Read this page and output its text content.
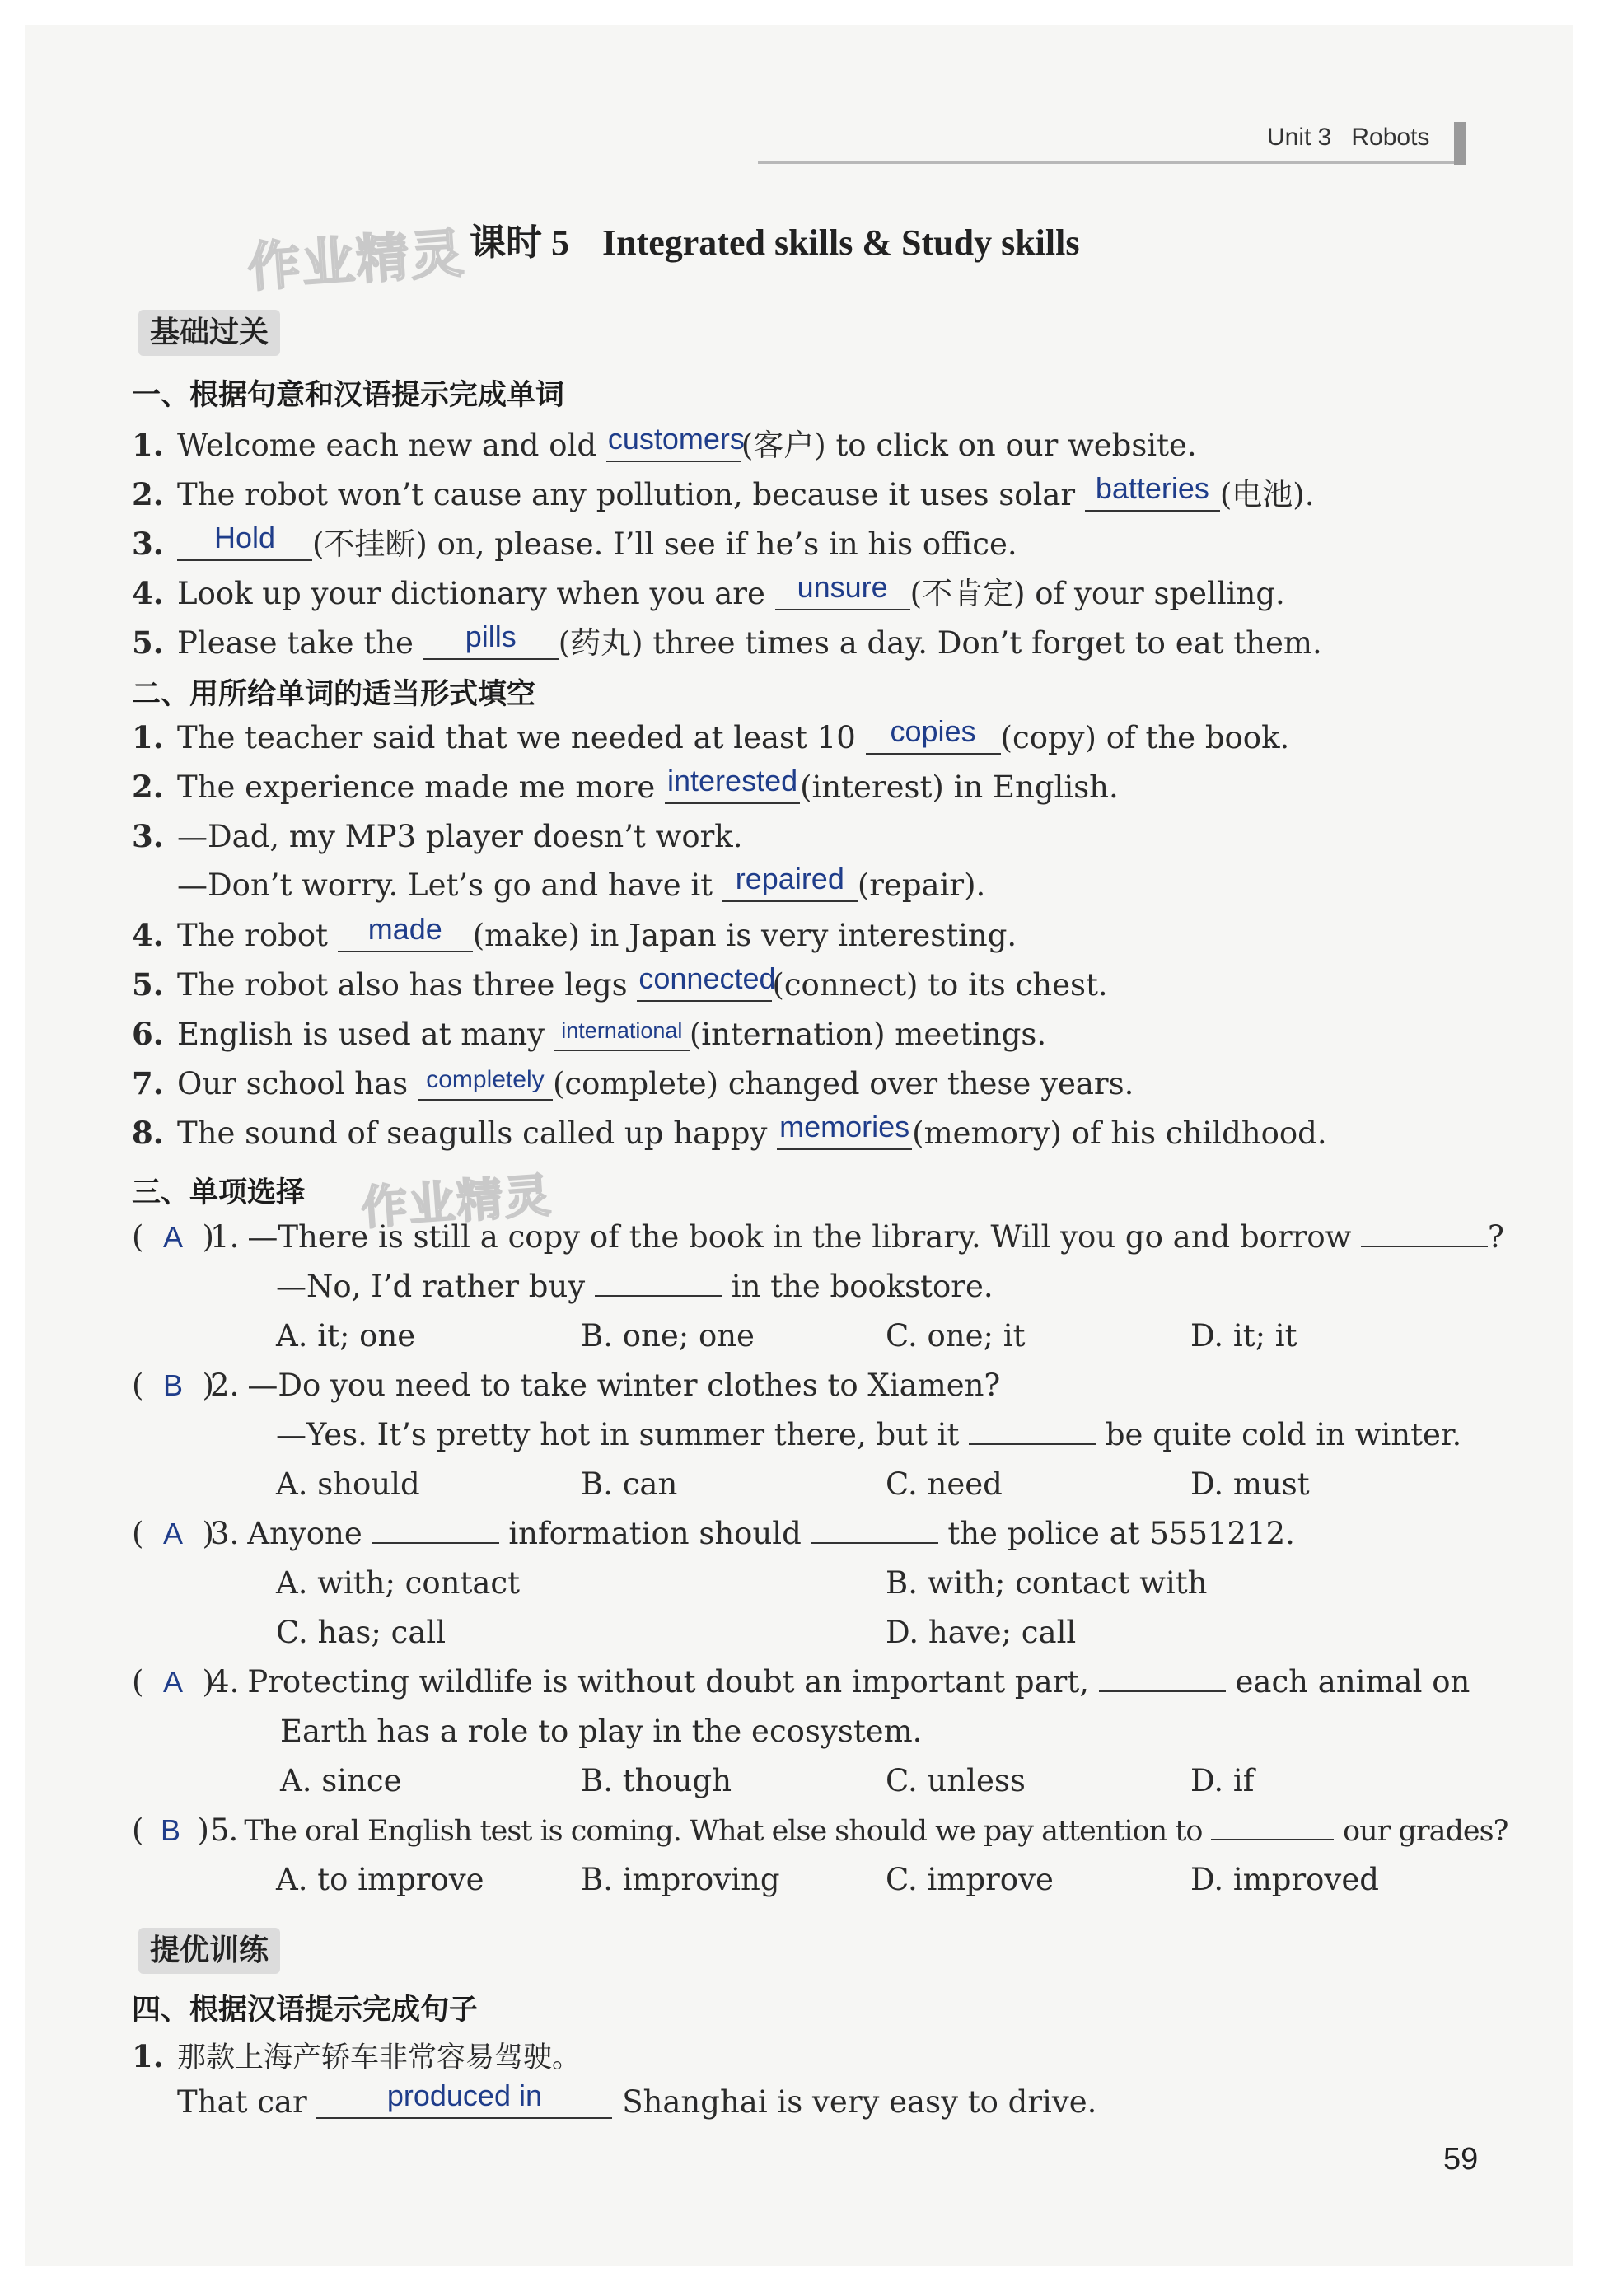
Unit 3 Robots
作业精灵
作业精灵
课时 5 Integrated skills & Study skills
基础过关
一、根据句意和汉语提示完成单词
1. Welcome each new and old customers(客户) to click on our website.
2. The robot won’t cause any pollution, because it uses solar batteries (电池).
3. Hold (不挂断) on, please. I’ll see if he’s in his office.
4. Look up your dictionary when you are unsure (不肯定) of your spelling.
5. Please take the pills (药丸) three times a day. Don’t forget to eat them.
二、用所给单词的适当形式填空
1. The teacher said that we needed at least 10 copies (copy) of the book.
2. The experience made me more interested(interest) in English.
3. —Dad, my MP3 player doesn’t work.
—Don’t worry. Let’s go and have it repaired (repair).
4. The robot made (make) in Japan is very interesting.
5. The robot also has three legs connected(connect) to its chest.
6. English is used at many $^{international}$ (internation) meetings.
7. Our school has $^{completely}$ (complete) changed over these years.
8. The sound of seagulls called up happy memories(memory) of his childhood.
三、单项选择
(  A  )1. —There is still a copy of the book in the library. Will you go and borrow	?
—No, I’d rather buy	in the bookstore.
A. it; one	B. one; one	C. one; it	D. it; it
(  B  )2. —Do you need to take winter clothes to Xiamen?
—Yes. It’s pretty hot in summer there, but it	be quite cold in winter.
A. should	B. can	C. need	D. must
(  A  )3. Anyone	information should	the police at 5551212.
A. with; contact	B. with; contact with
C. has; call	D. have; call
(  A  )4. Protecting wildlife is without doubt an important part,	each animal on
Earth has a role to play in the ecosystem.
A. since	B. though	C. unless	D. if
(  B  )5. The oral English test is coming. What else should we pay attention to	our grades?
A. to improve	B. improving	C. improve	D. improved
提优训练
四、根据汉语提示完成句子
1. 那款上海产轿车非常容易驾驶。
That car produced in Shanghai is very easy to drive.
59
